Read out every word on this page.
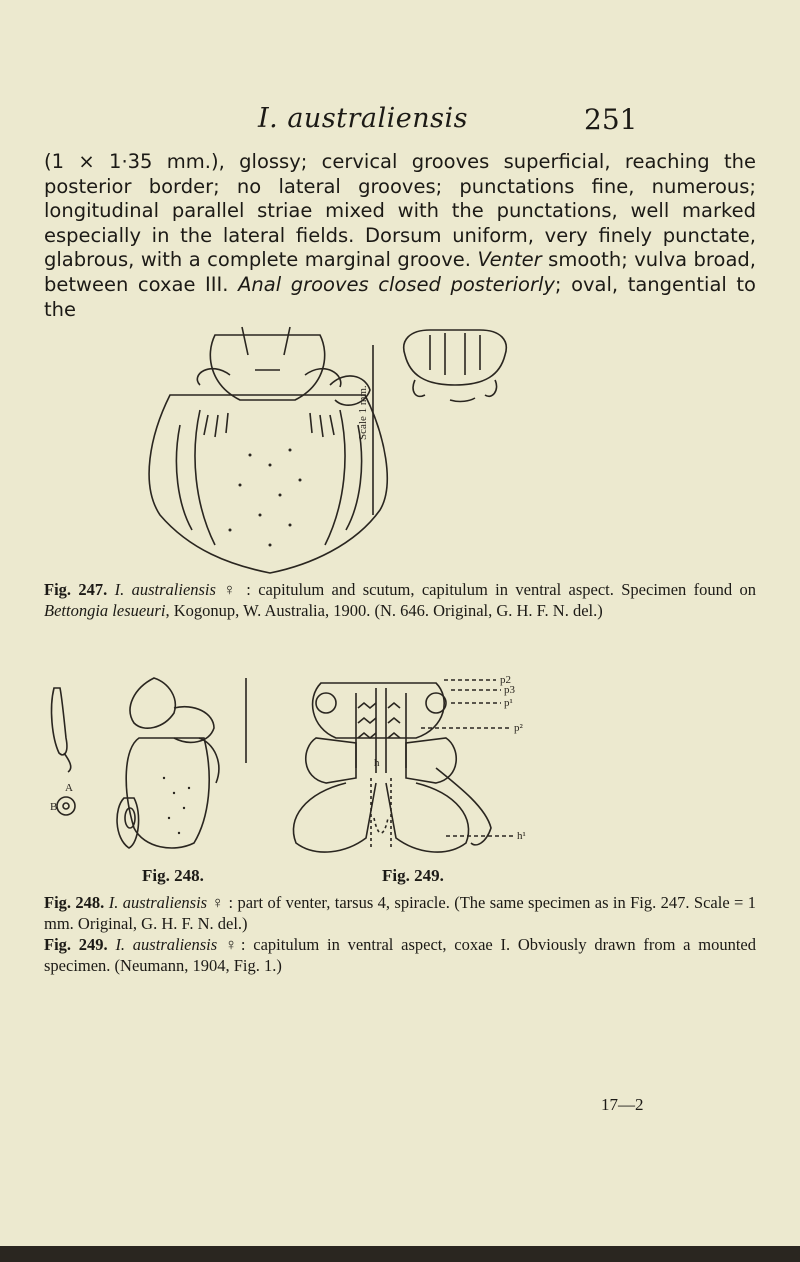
I. australiensis	251
(1 × 1·35 mm.), glossy; cervical grooves superficial, reaching the posterior border; no lateral grooves; punctations fine, numerous; longitudinal parallel striae mixed with the punctations, well marked especially in the lateral fields. Dorsum uniform, very finely punctate, glabrous, with a complete marginal groove. Venter smooth; vulva broad, between coxae III. Anal grooves closed posteriorly; oval, tangential to the
Scale 1 mm.
Fig. 247. I. australiensis ♀ : capitulum and scutum, capitulum in ventral aspect. Specimen found on Bettongia lesueuri, Kogonup, W. Australia, 1900. (N. 646. Original, G. H. F. N. del.)
A
B
Fig. 248.
h
p2
p3
p¹
p²
h¹
Fig. 249.
Fig. 248. I. australiensis ♀ : part of venter, tarsus 4, spiracle. (The same specimen as in Fig. 247. Scale = 1 mm. Original, G. H. F. N. del.)
Fig. 249. I. australiensis ♀: capitulum in ventral aspect, coxae I. Obviously drawn from a mounted specimen. (Neumann, 1904, Fig. 1.)
17—2
